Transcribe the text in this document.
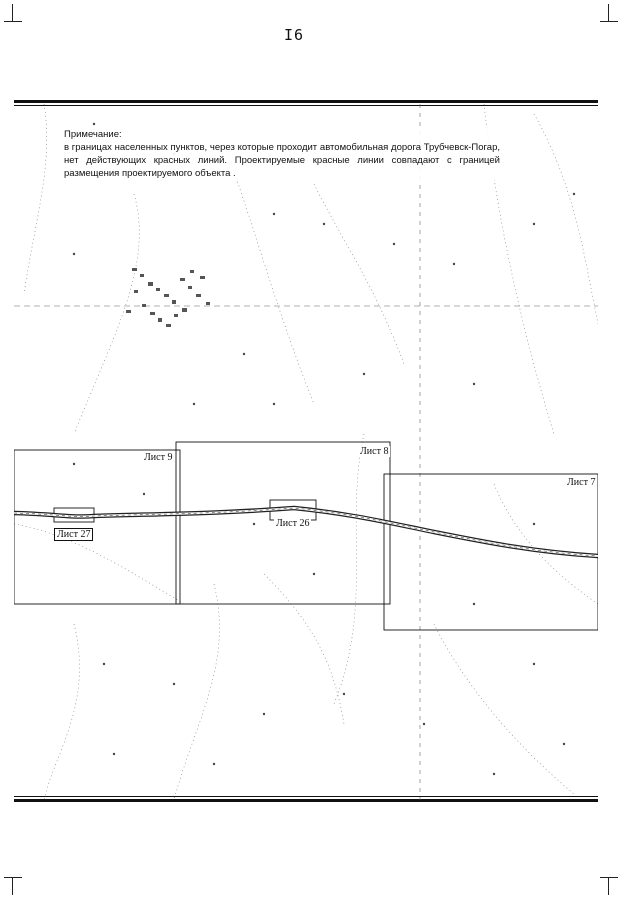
I6

Примечание:

в границах населенных пунктов, через которые проходит автомобильная дорога Трубчевск-Погар, нет действующих красных линий. Проектируемые красные линии совпадают с границей размещения проектируемого объекта .

Лист 9
Лист 8
Лист 7
Лист 26
Лист 27
